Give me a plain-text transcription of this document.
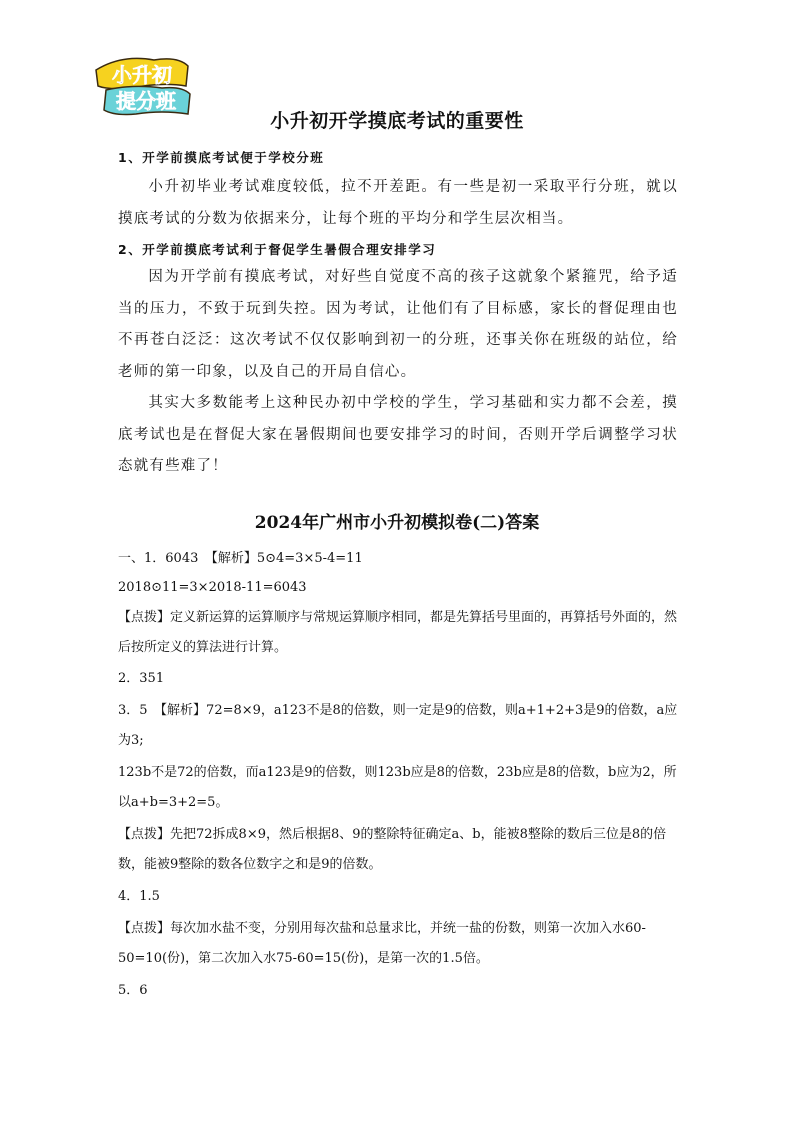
小升初
提分班
小升初开学摸底考试的重要性
1、开学前摸底考试便于学校分班

小升初毕业考试难度较低，拉不开差距。有一些是初一采取平行分班，就以摸底考试的分数为依据来分，让每个班的平均分和学生层次相当。

2、开学前摸底考试利于督促学生暑假合理安排学习

因为开学前有摸底考试，对好些自觉度不高的孩子这就象个紧箍咒，给予适当的压力，不致于玩到失控。因为考试，让他们有了目标感，家长的督促理由也不再苍白泛泛：这次考试不仅仅影响到初一的分班，还事关你在班级的站位，给老师的第一印象，以及自己的开局自信心。

其实大多数能考上这种民办初中学校的学生，学习基础和实力都不会差，摸底考试也是在督促大家在暑假期间也要安排学习的时间，否则开学后调整学习状态就有些难了！

2024年广州市小升初模拟卷(二)答案

一、1．6043　【解析】5⊙4=3×5-4=11

2018⊙11=3×2018-11=6043

【点拨】定义新运算的运算顺序与常规运算顺序相同，都是先算括号里面的，再算括号外面的，然后按所定义的算法进行计算。

2．351

3．5　【解析】72=8×9，a123不是8的倍数，则一定是9的倍数，则a+1+2+3是9的倍数，a应为3;

123b不是72的倍数，而a123是9的倍数，则123b应是8的倍数，23b应是8的倍数，b应为2，所以a+b=3+2=5。

【点拨】先把72拆成8×9，然后根据8、9的整除特征确定a、b，能被8整除的数后三位是8的倍数，能被9整除的数各位数字之和是9的倍数。

4．1.5

【点拨】每次加水盐不变，分别用每次盐和总量求比，并统一盐的份数，则第一次加入水60-50=10(份)，第二次加入水75-60=15(份)，是第一次的1.5倍。

5．6
